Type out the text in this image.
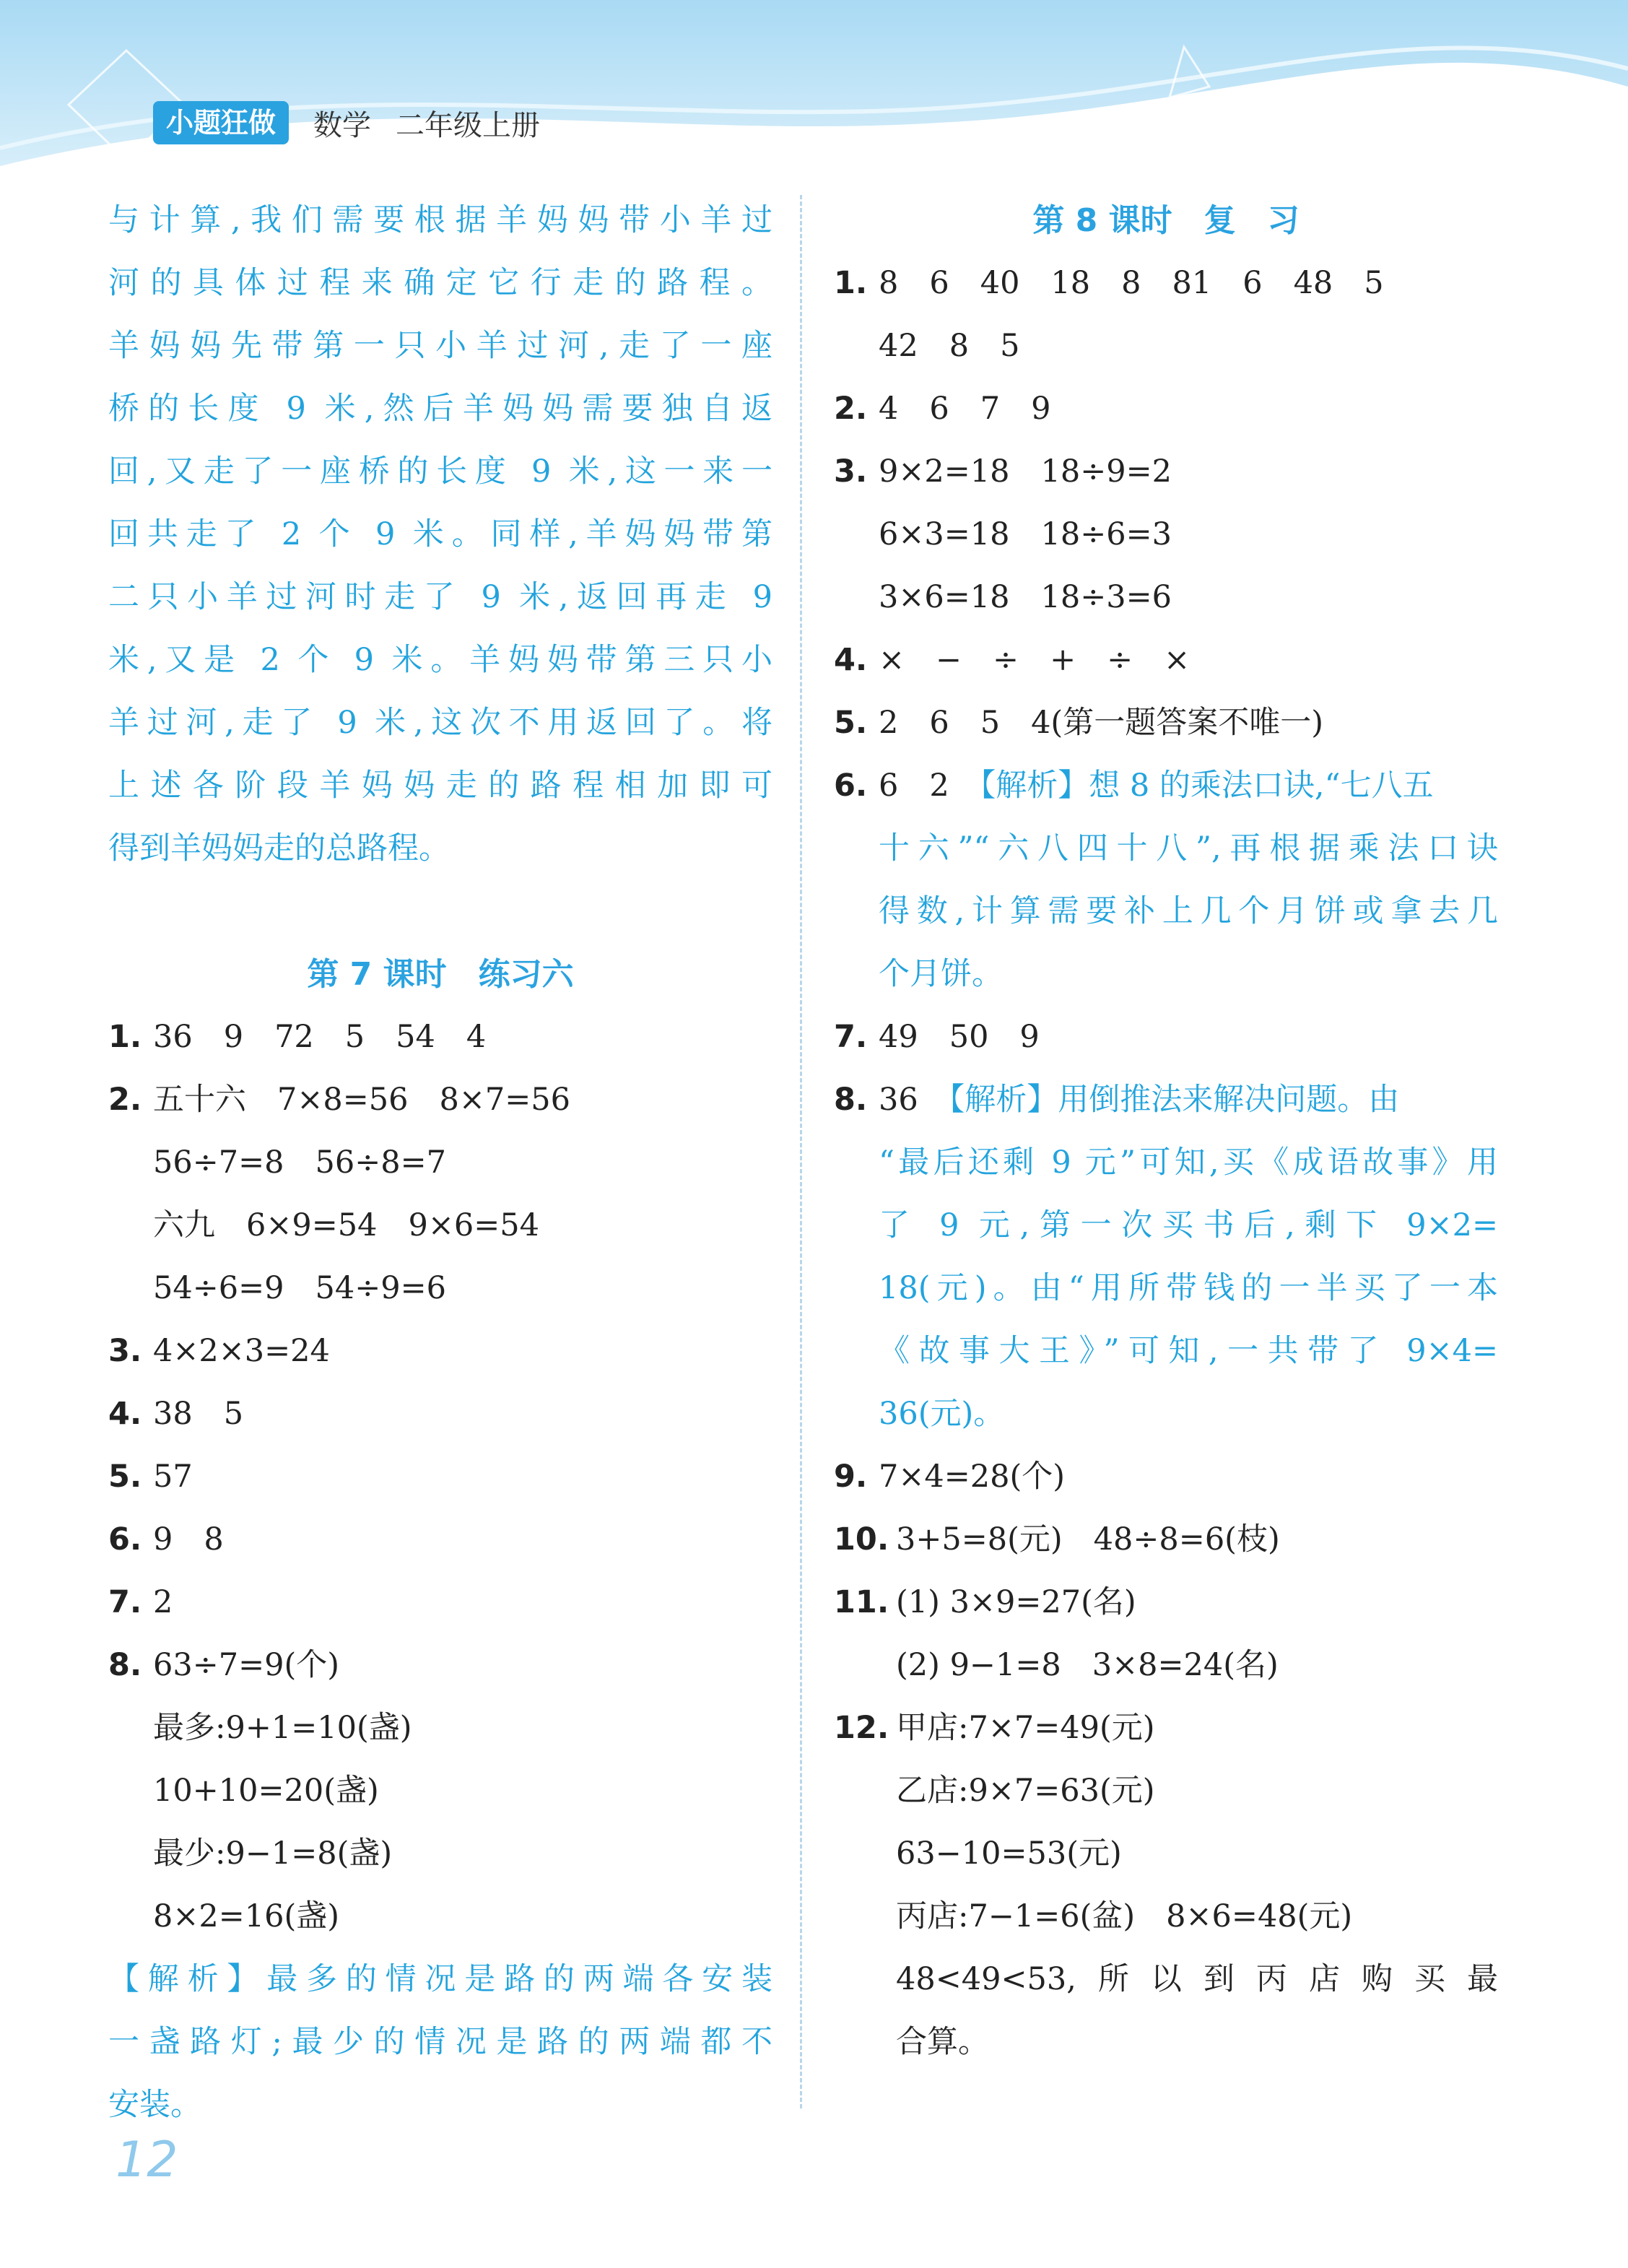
小题狂做	数学 二年级上册
与计算,我们需要根据羊妈妈带小羊过
河的具体过程来确定它行走的路程。
羊妈妈先带第一只小羊过河,走了一座
桥的长度 9 米,然后羊妈妈需要独自返
回,又走了一座桥的长度 9 米,这一来一
回共走了 2 个 9 米。同样,羊妈妈带第
二只小羊过河时走了 9 米,返回再走 9
米,又是 2 个 9 米。羊妈妈带第三只小
羊过河,走了 9 米,这次不用返回了。将
上述各阶段羊妈妈走的路程相加即可
得到羊妈妈走的总路程。
第 7 课时　练习六
1. 36　9　72　5　54　4
2. 五十六　7×8=56　8×7=56
56÷7=8　56÷8=7
六九　6×9=54　9×6=54
54÷6=9　54÷9=6
3. 4×2×3=24
4. 38　5
5. 57
6. 9　8
7. 2
8. 63÷7=9(个)
最多:9+1=10(盏)
10+10=20(盏)
最少:9−1=8(盏)
8×2=16(盏)
【解析】最多的情况是路的两端各安装
一盏路灯;最少的情况是路的两端都不
安装。
第 8 课时　复　习
1. 8　6　40　18　8　81　6　48　5
42　8　5
2. 4　6　7　9
3. 9×2=18　18÷9=2
6×3=18　18÷6=3
3×6=18　18÷3=6
4. ×　−　÷　+　÷　×
5. 2　6　5　4(第一题答案不唯一)
6. 6　2　【解析】想 8 的乘法口诀,“七八五
十六”“六八四十八”,再根据乘法口诀
得数,计算需要补上几个月饼或拿去几
个月饼。
7. 49　50　9
8. 36　【解析】用倒推法来解决问题。由
“最后还剩 9 元”可知,买《成语故事》用
了 9 元,第一次买书后,剩下 9×2=
18(元)。由“用所带钱的一半买了一本
《故事大王》”可知,一共带了 9×4=
36(元)。
9. 7×4=28(个)
10. 3+5=8(元)　48÷8=6(枝)
11. (1) 3×9=27(名)
(2) 9−1=8　3×8=24(名)
12. 甲店:7×7=49(元)
乙店:9×7=63(元)
63−10=53(元)
丙店:7−1=6(盆)　8×6=48(元)
48<49<53,所以到丙店购买最
合算。
12
